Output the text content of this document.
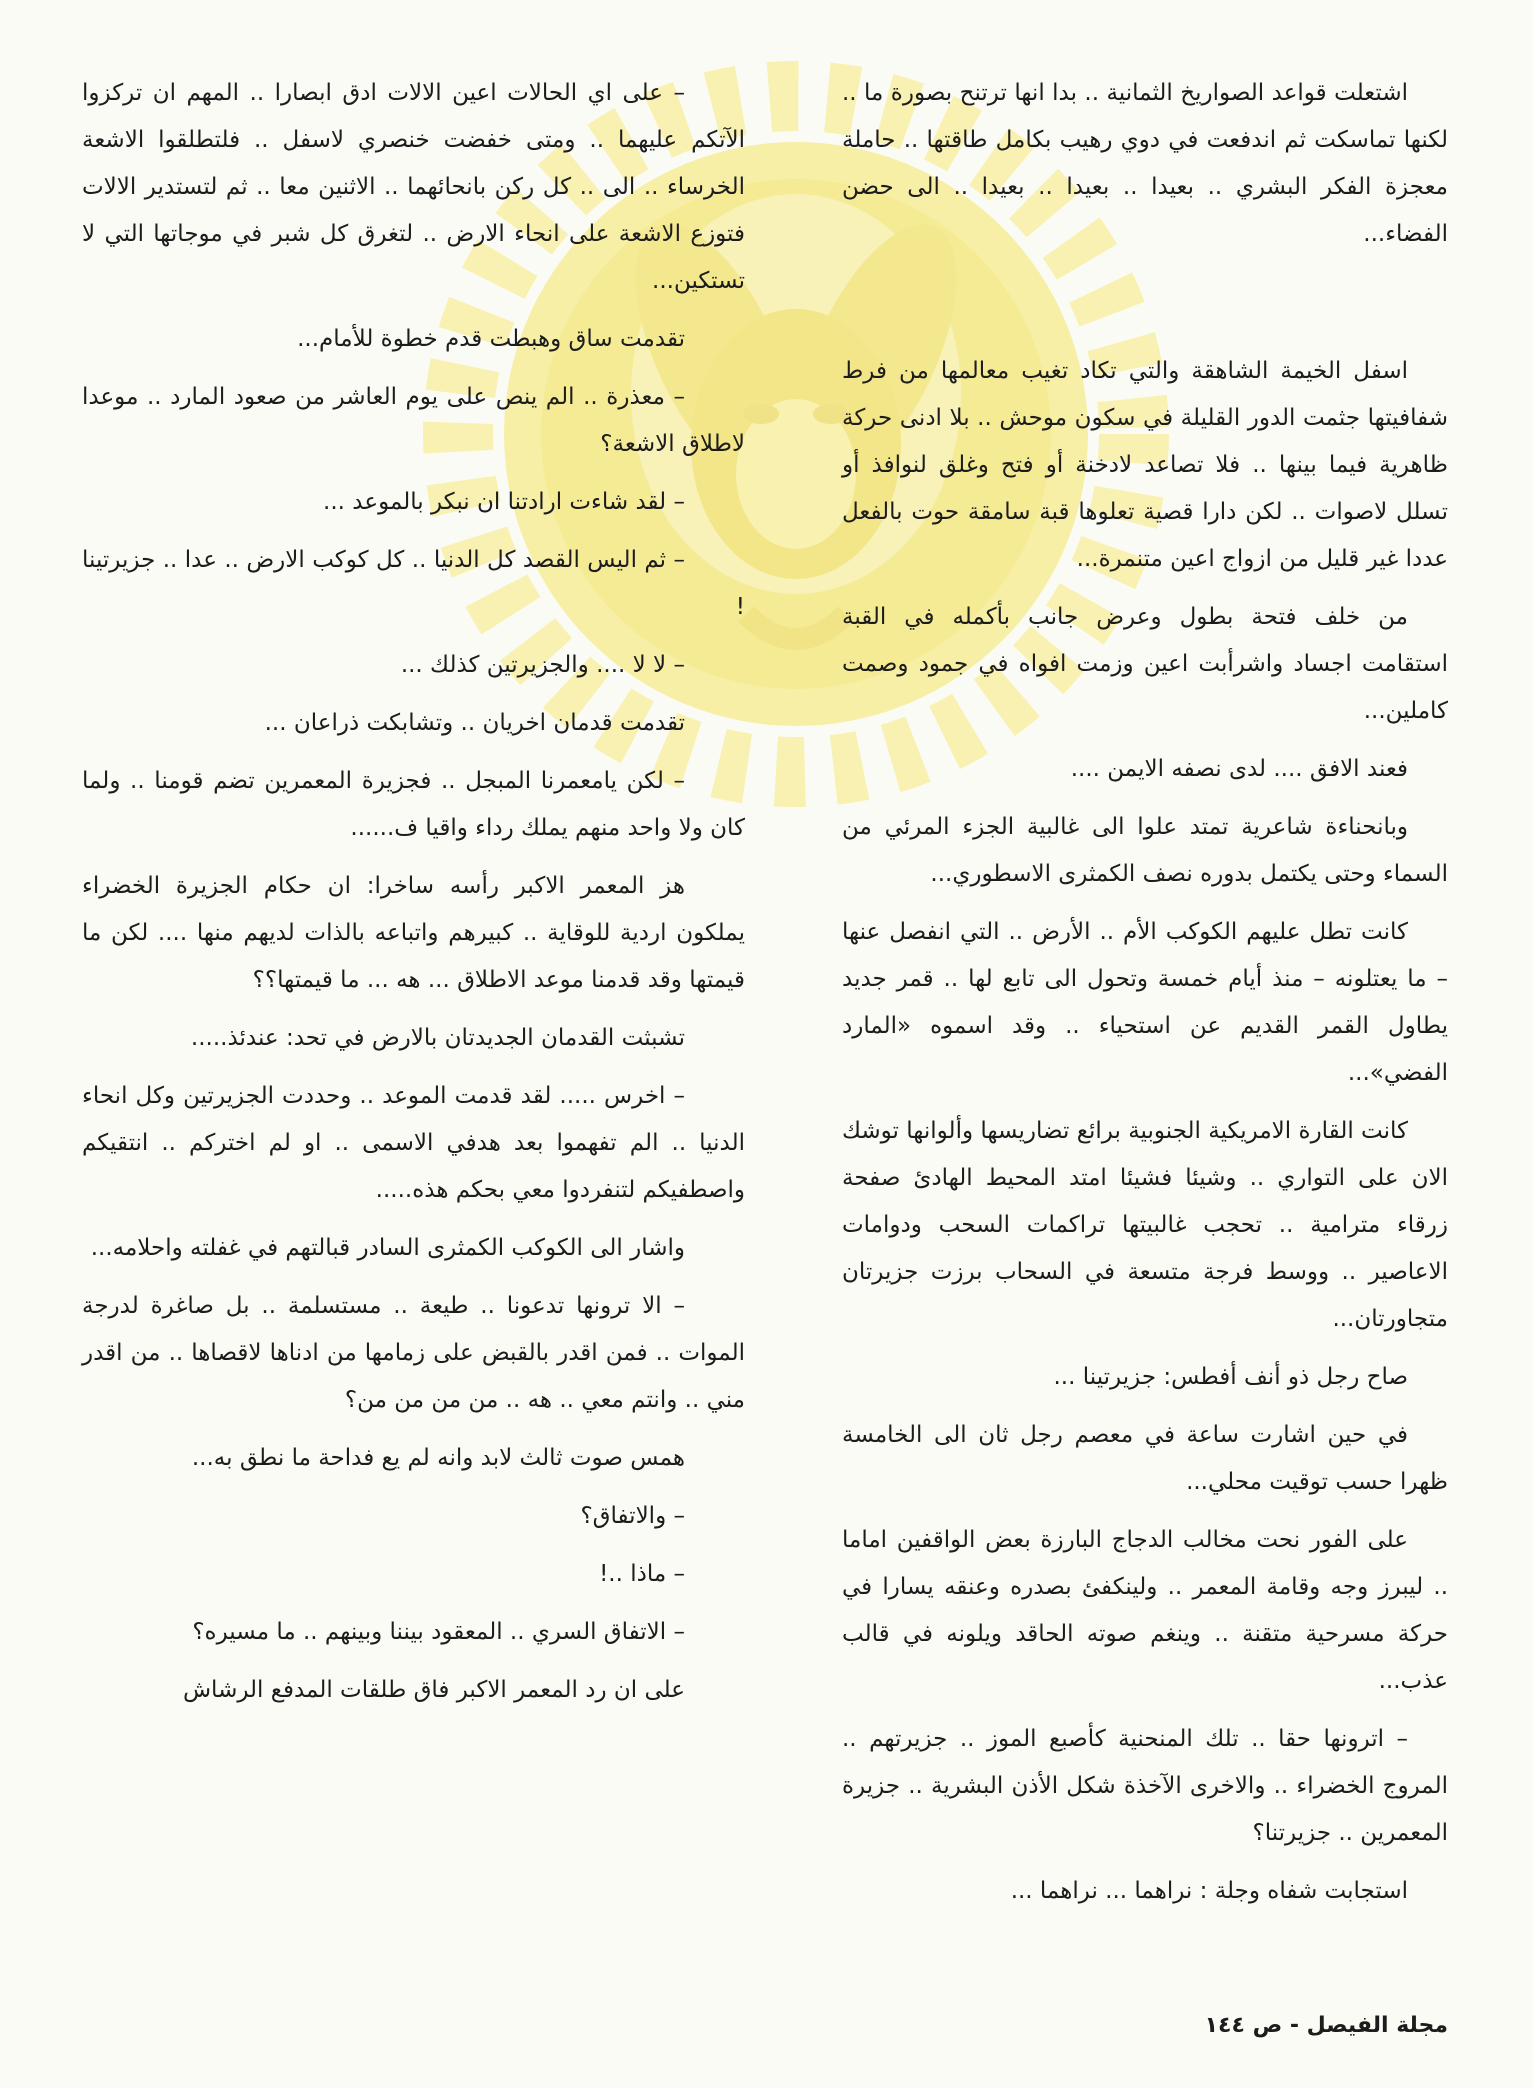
اشتعلت قواعد الصواريخ الثمانية .. بدا انها ترتنح بصورة ما .. لكنها تماسكت ثم اندفعت في دوي رهيب بكامل طاقتها .. حاملة معجزة الفكر البشري .. بعيدا .. بعيدا .. بعيدا .. الى حضن الفضاء...

اسفل الخيمة الشاهقة والتي تكاد تغيب معالمها من فرط شفافيتها جثمت الدور القليلة في سكون موحش .. بلا ادنى حركة ظاهرية فيما بينها .. فلا تصاعد لادخنة أو فتح وغلق لنوافذ أو تسلل لاصوات .. لكن دارا قصية تعلوها قبة سامقة حوت بالفعل عددا غير قليل من ازواج اعين متنمرة...

من خلف فتحة بطول وعرض جانب بأكمله في القبة استقامت اجساد واشرأبت اعين وزمت افواه في جمود وصمت كاملين...

فعند الافق .... لدى نصفه الايمن ....

وبانحناءة شاعرية تمتد علوا الى غالبية الجزء المرئي من السماء وحتى يكتمل بدوره نصف الكمثرى الاسطوري...

كانت تطل عليهم الكوكب الأم .. الأرض .. التي انفصل عنها – ما يعتلونه – منذ أيام خمسة وتحول الى تابع لها .. قمر جديد يطاول القمر القديم عن استحياء .. وقد اسموه «المارد الفضي»...

كانت القارة الامريكية الجنوبية برائع تضاريسها وألوانها توشك الان على التواري .. وشيئا فشيئا امتد المحيط الهادئ صفحة زرقاء مترامية .. تحجب غالبيتها تراكمات السحب ودوامات الاعاصير .. ووسط فرجة متسعة في السحاب برزت جزيرتان متجاورتان...

صاح رجل ذو أنف أفطس: جزيرتينا ...

في حين اشارت ساعة في معصم رجل ثان الى الخامسة ظهرا حسب توقيت محلي...

على الفور نحت مخالب الدجاج البارزة بعض الواقفين اماما .. ليبرز وجه وقامة المعمر .. ولينكفئ بصدره وعنقه يسارا في حركة مسرحية متقنة .. وينغم صوته الحاقد ويلونه في قالب عذب...

– اترونها حقا .. تلك المنحنية كأصبع الموز .. جزيرتهم .. المروج الخضراء .. والاخرى الآخذة شكل الأذن البشرية .. جزيرة المعمرين .. جزيرتنا؟

استجابت شفاه وجلة : نراهما ... نراهما ...

– على اي الحالات اعين الالات ادق ابصارا .. المهم ان تركزوا الآتكم عليهما .. ومتى خفضت خنصري لاسفل .. فلتطلقوا الاشعة الخرساء .. الى .. كل ركن بانحائهما .. الاثنين معا .. ثم لتستدير الالات فتوزع الاشعة على انحاء الارض .. لتغرق كل شبر في موجاتها التي لا تستكين...

تقدمت ساق وهبطت قدم خطوة للأمام...

– معذرة .. الم ينص على يوم العاشر من صعود المارد .. موعدا لاطلاق الاشعة؟

– لقد شاءت ارادتنا ان نبكر بالموعد ...

– ثم اليس القصد كل الدنيا .. كل كوكب الارض .. عدا .. جزيرتينا !

– لا لا .... والجزيرتين كذلك ...

تقدمت قدمان اخريان .. وتشابكت ذراعان ...

– لكن يامعمرنا المبجل .. فجزيرة المعمرين تضم قومنا .. ولما كان ولا واحد منهم يملك رداء واقيا ف......

هز المعمر الاكبر رأسه ساخرا: ان حكام الجزيرة الخضراء يملكون اردية للوقاية .. كبيرهم واتباعه بالذات لديهم منها .... لكن ما قيمتها وقد قدمنا موعد الاطلاق ... هه ... ما قيمتها؟؟

تشبثت القدمان الجديدتان بالارض في تحد: عندئذ.....

– اخرس ..... لقد قدمت الموعد .. وحددت الجزيرتين وكل انحاء الدنيا .. الم تفهموا بعد هدفي الاسمى .. او لم اختركم .. انتقيكم واصطفيكم لتنفردوا معي بحكم هذه.....

واشار الى الكوكب الكمثرى السادر قبالتهم في غفلته واحلامه...

– الا ترونها تدعونا .. طيعة .. مستسلمة .. بل صاغرة لدرجة الموات .. فمن اقدر بالقبض على زمامها من ادناها لاقصاها .. من اقدر مني .. وانتم معي .. هه .. من من من من؟

همس صوت ثالث لابد وانه لم يع فداحة ما نطق به...

– والاتفاق؟

– ماذا ..!

– الاتفاق السري .. المعقود بيننا وبينهم .. ما مسيره؟

على ان رد المعمر الاكبر فاق طلقات المدفع الرشاش

مجلة الفيصل - ص ١٤٤
